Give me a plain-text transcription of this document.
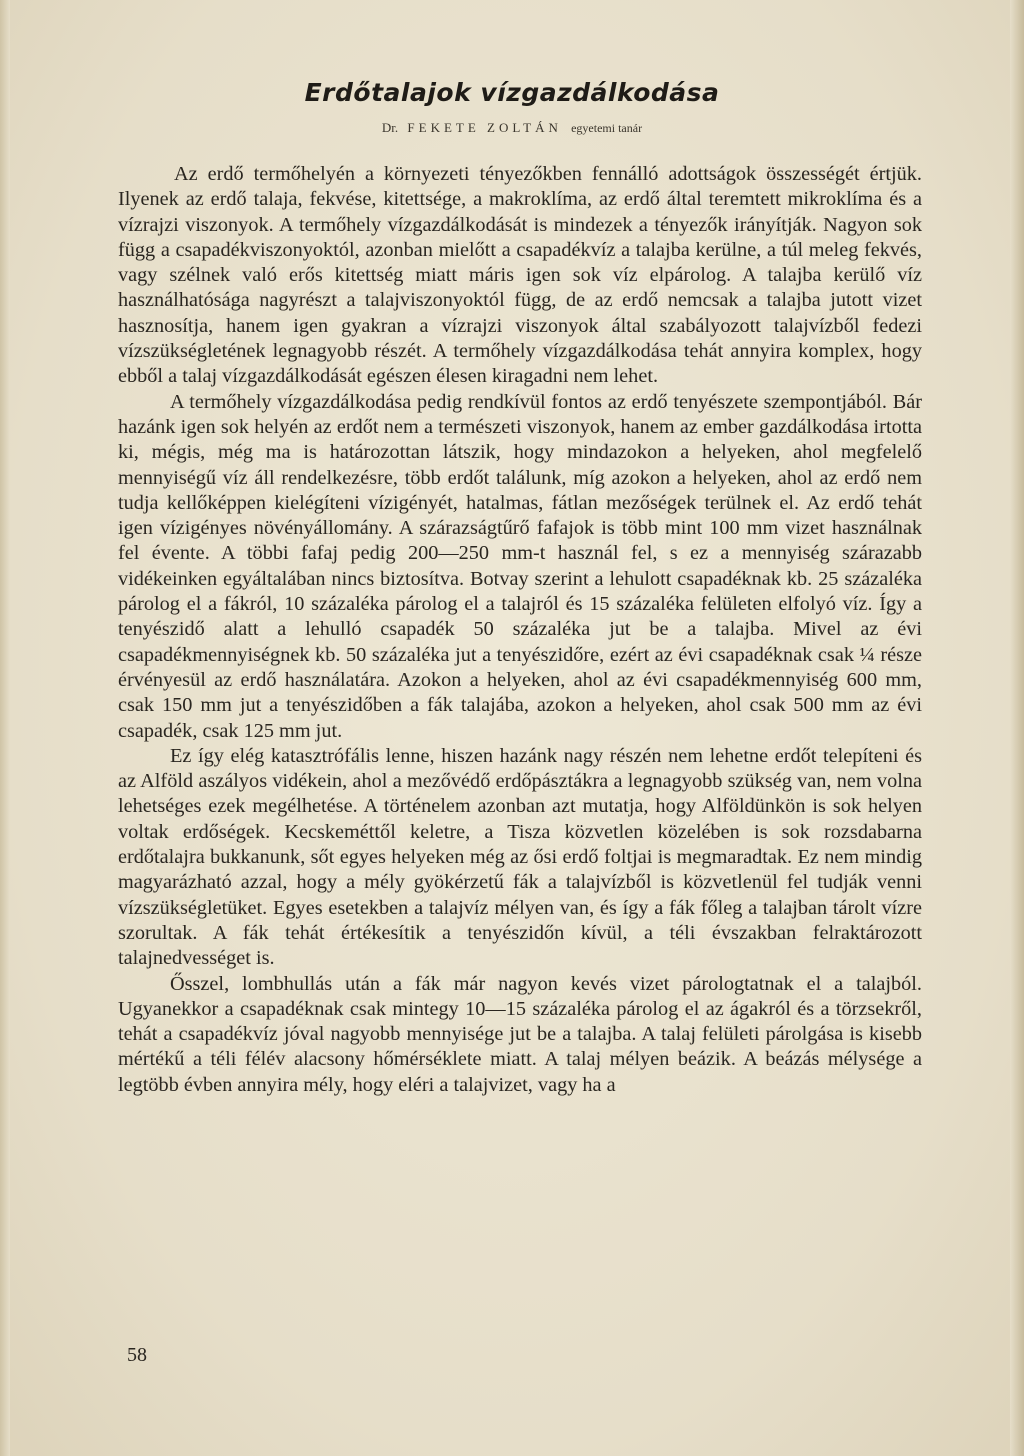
Erdőtalajok vízgazdálkodása
Dr. FEKETE ZOLTÁN egyetemi tanár

Az erdő termőhelyén a környezeti tényezőkben fennálló adottságok összességét értjük. Ilyenek az erdő talaja, fekvése, kitettsége, a makroklíma, az erdő által teremtett mikroklíma és a vízrajzi viszonyok. A termőhely vízgazdálkodását is mindezek a tényezők irányítják. Nagyon sok függ a csapadékviszonyoktól, azonban mielőtt a csapadékvíz a talajba kerülne, a túl meleg fekvés, vagy szélnek való erős kitettség miatt máris igen sok víz elpárolog. A talajba kerülő víz használhatósága nagyrészt a talajviszonyoktól függ, de az erdő nemcsak a talajba jutott vizet hasznosítja, hanem igen gyakran a vízrajzi viszonyok által szabályozott talajvízből fedezi vízszükségletének legnagyobb részét. A termőhely vízgazdálkodása tehát annyira komplex, hogy ebből a talaj vízgazdálkodását egészen élesen kiragadni nem lehet.

A termőhely vízgazdálkodása pedig rendkívül fontos az erdő tenyészete szempontjából. Bár hazánk igen sok helyén az erdőt nem a természeti viszonyok, hanem az ember gazdálkodása irtotta ki, mégis, még ma is határozottan látszik, hogy mindazokon a helyeken, ahol megfelelő mennyiségű víz áll rendelkezésre, több erdőt találunk, míg azokon a helyeken, ahol az erdő nem tudja kellőképpen kielégíteni vízigényét, hatalmas, fátlan mezőségek terülnek el. Az erdő tehát igen vízigényes növényállomány. A szárazságtűrő fafajok is több mint 100 mm vizet használnak fel évente. A többi fafaj pedig 200—250 mm-t használ fel, s ez a mennyiség szárazabb vidékeinken egyáltalában nincs biztosítva. Botvay szerint a lehulott csapadéknak kb. 25 százaléka párolog el a fákról, 10 százaléka párolog el a talajról és 15 százaléka felületen elfolyó víz. Így a tenyészidő alatt a lehulló csapadék 50 százaléka jut be a talajba. Mivel az évi csapadékmennyiségnek kb. 50 százaléka jut a tenyészidőre, ezért az évi csapadéknak csak ¼ része érvényesül az erdő használatára. Azokon a helyeken, ahol az évi csapadékmennyiség 600 mm, csak 150 mm jut a tenyészidőben a fák talajába, azokon a helyeken, ahol csak 500 mm az évi csapadék, csak 125 mm jut.

Ez így elég katasztrófális lenne, hiszen hazánk nagy részén nem lehetne erdőt telepíteni és az Alföld aszályos vidékein, ahol a mezővédő erdőpásztákra a legnagyobb szükség van, nem volna lehetséges ezek megélhetése. A történelem azonban azt mutatja, hogy Alföldünkön is sok helyen voltak erdőségek. Kecskeméttől keletre, a Tisza közvetlen közelében is sok rozsdabarna erdőtalajra bukkanunk, sőt egyes helyeken még az ősi erdő foltjai is megmaradtak. Ez nem mindig magyarázható azzal, hogy a mély gyökérzetű fák a talajvízből is közvetlenül fel tudják venni vízszükségletüket. Egyes esetekben a talajvíz mélyen van, és így a fák főleg a talajban tárolt vízre szorultak. A fák tehát értékesítik a tenyészidőn kívül, a téli évszakban felraktározott talajnedvességet is.

Ősszel, lombhullás után a fák már nagyon kevés vizet párologtatnak el a talajból. Ugyanekkor a csapadéknak csak mintegy 10—15 százaléka párolog el az ágakról és a törzsekről, tehát a csapadékvíz jóval nagyobb mennyisége jut be a talajba. A talaj felületi párolgása is kisebb mértékű a téli félév alacsony hőmérséklete miatt. A talaj mélyen beázik. A beázás mélysége a legtöbb évben annyira mély, hogy eléri a talajvizet, vagy ha a

58
